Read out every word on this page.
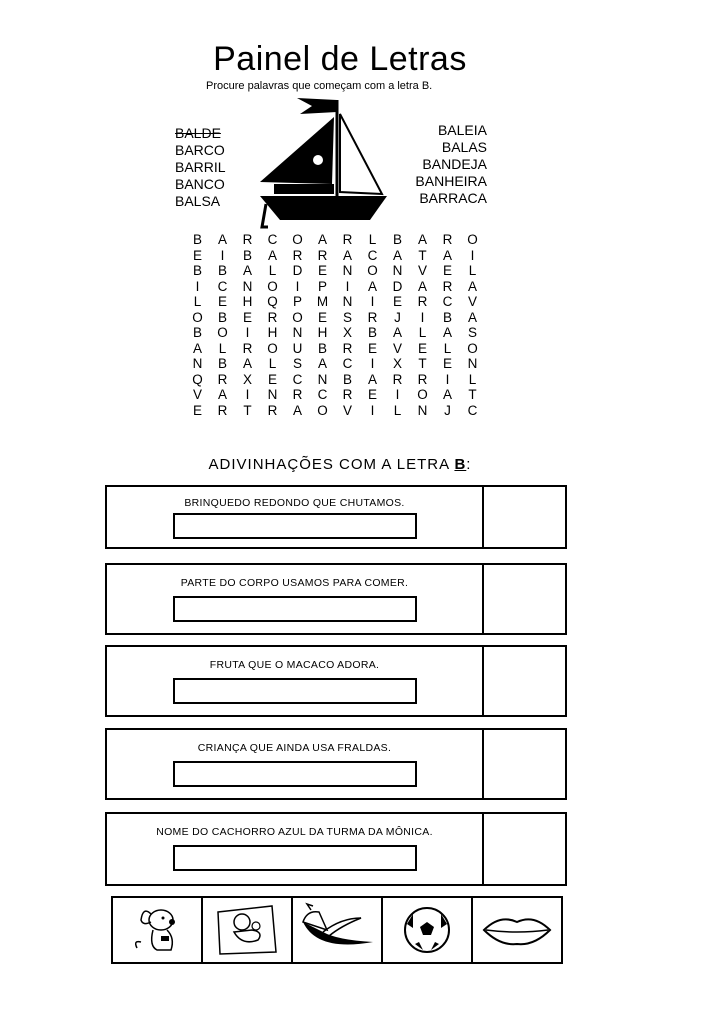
Painel de Letras
Procure palavras que começam com a letra B.
BALDE
BARCO
BARRIL
BANCO
BALSA
BALEIA
BALAS
BANDEJA
BANHEIRA
BARRACA
B	A	R	C	O	A	R	L	B	A	R	O
E	I	B	A	R	R	A	C	A	T	A	I
B	B	A	L	D	E	N	O	N	V	E	L
I	C	N	O	I	P	I	A	D	A	R	A
L	E	H	Q	P	M	N	I	E	R	C	V
O	B	E	R	O	E	S	R	J	I	B	A
B	O	I	H	N	H	X	B	A	L	A	S
A	L	R	O	U	B	R	E	V	E	L	O
N	B	A	L	S	A	C	I	X	T	E	N
Q	R	X	E	C	N	B	A	R	R	I	L
V	A	I	N	R	C	R	E	I	O	A	T
E	R	T	R	A	O	V	I	L	N	J	C
ADIVINHAÇÕES COM A LETRA B:
BRINQUEDO REDONDO QUE CHUTAMOS.
PARTE DO CORPO USAMOS PARA COMER.
FRUTA QUE O MACACO ADORA.
CRIANÇA QUE AINDA USA FRALDAS.
NOME DO CACHORRO AZUL DA TURMA DA MÔNICA.
